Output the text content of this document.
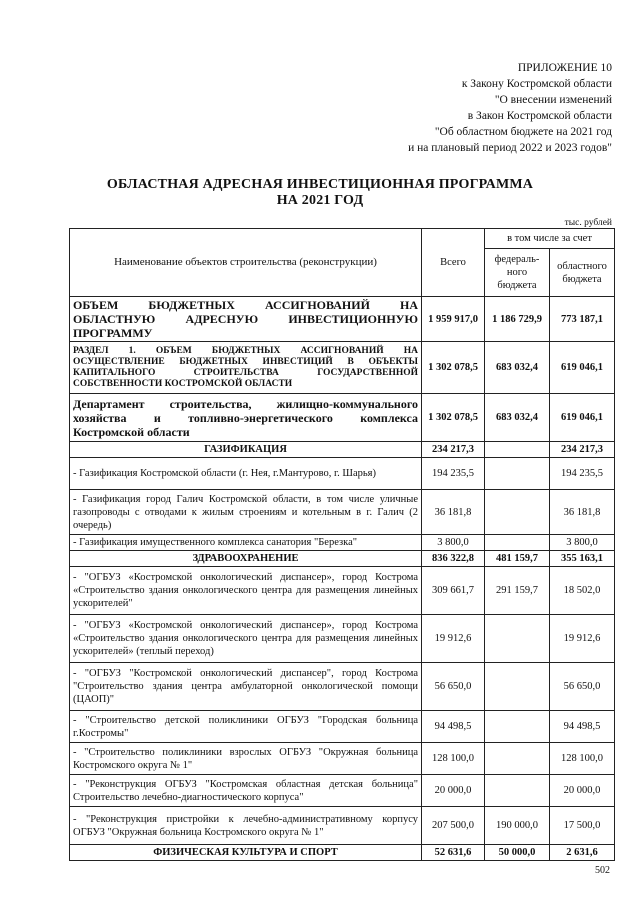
ПРИЛОЖЕНИЕ 10
к Закону Костромской области
"О внесении изменений
в Закон Костромской области
"Об областном бюджете на 2021 год
и на плановый период 2022 и 2023 годов"
ОБЛАСТНАЯ АДРЕСНАЯ ИНВЕСТИЦИОННАЯ ПРОГРАММА
НА 2021 ГОД
тыс. рублей
Наименование объектов строительства (реконструкции)	Всего	в том числе за счет	
		федераль-ного бюджета	областного бюджета
ОБЪЕМ БЮДЖЕТНЫХ АССИГНОВАНИЙ НА ОБЛАСТНУЮ АДРЕСНУЮ ИНВЕСТИЦИОННУЮ ПРОГРАММУ	1 959 917,0	1 186 729,9	773 187,1
РАЗДЕЛ 1. ОБЪЕМ БЮДЖЕТНЫХ АССИГНОВАНИЙ НА ОСУЩЕСТВЛЕНИЕ БЮДЖЕТНЫХ ИНВЕСТИЦИЙ В ОБЪЕКТЫ КАПИТАЛЬНОГО СТРОИТЕЛЬСТВА ГОСУДАРСТВЕННОЙ СОБСТВЕННОСТИ КОСТРОМСКОЙ ОБЛАСТИ	1 302 078,5	683 032,4	619 046,1
Департамент строительства, жилищно-коммунального хозяйства и топливно-энергетического комплекса Костромской области	1 302 078,5	683 032,4	619 046,1
ГАЗИФИКАЦИЯ	234 217,3		234 217,3
- Газификация Костромской области (г. Нея, г.Мантурово, г. Шарья)	194 235,5		194 235,5
- Газификация город Галич Костромской области, в том числе уличные газопроводы с отводами к жилым строениям и котельным в г. Галич (2 очередь)	36 181,8		36 181,8
- Газификация имущественного комплекса санатория "Березка"	3 800,0		3 800,0
ЗДРАВООХРАНЕНИЕ	836 322,8	481 159,7	355 163,1
- "ОГБУЗ «Костромской онкологический диспансер», город Кострома «Строительство здания онкологического центра для размещения линейных ускорителей"	309 661,7	291 159,7	18 502,0
- "ОГБУЗ «Костромской онкологический диспансер», город Кострома «Строительство здания онкологического центра для размещения линейных ускорителей» (теплый переход)	19 912,6		19 912,6
- "ОГБУЗ "Костромской онкологический диспансер", город Кострома "Строительство здания центра амбулаторной онкологической помощи (ЦАОП)"	56 650,0		56 650,0
- "Строительство детской поликлиники ОГБУЗ "Городская больница г.Костромы"	94 498,5		94 498,5
- "Строительство поликлиники взрослых ОГБУЗ "Окружная больница Костромского округа № 1"	128 100,0		128 100,0
- "Реконструкция ОГБУЗ "Костромская областная детская больница" Строительство лечебно-диагностического корпуса"	20 000,0		20 000,0
- "Реконструкция пристройки к лечебно-административному корпусу ОГБУЗ "Окружная больница Костромского округа № 1"	207 500,0	190 000,0	17 500,0
ФИЗИЧЕСКАЯ КУЛЬТУРА И СПОРТ	52 631,6	50 000,0	2 631,6
502
